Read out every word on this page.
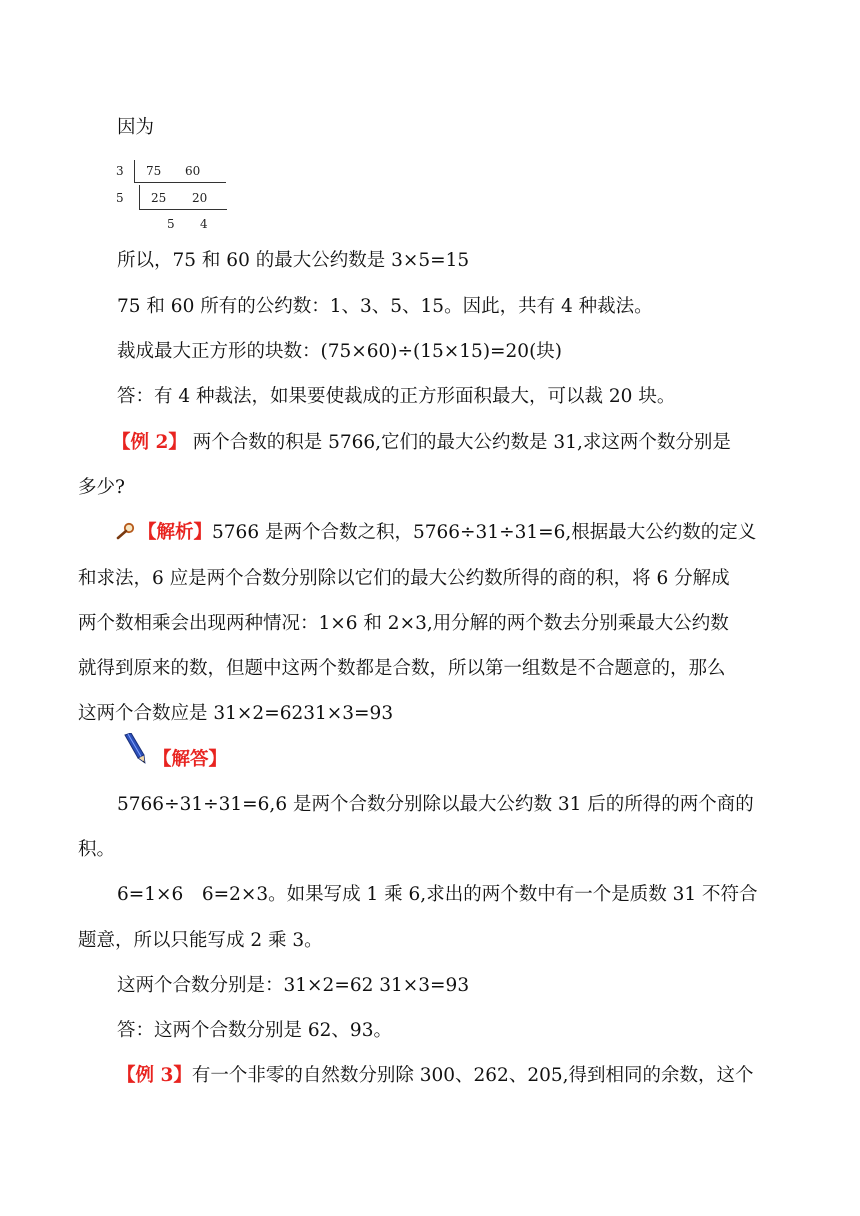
因为
3 75 60
5 25 20
5 4
所以，75 和 60 的最大公约数是 3×5=15
75 和 60 所有的公约数：1、3、5、15。因此，共有 4 种裁法。
裁成最大正方形的块数：(75×60)÷(15×15)=20(块)
答：有 4 种裁法，如果要使裁成的正方形面积最大，可以裁 20 块。
【例 2】 两个合数的积是 5766,它们的最大公约数是 31,求这两个数分别是
多少?
【解析】5766 是两个合数之积，5766÷31÷31=6,根据最大公约数的定义
和求法，6 应是两个合数分别除以它们的最大公约数所得的商的积，将 6 分解成
两个数相乘会出现两种情况：1×6 和 2×3,用分解的两个数去分别乘最大公约数
就得到原来的数，但题中这两个数都是合数，所以第一组数是不合题意的，那么
这两个合数应是 31×2=6231×3=93
【解答】
5766÷31÷31=6,6 是两个合数分别除以最大公约数 31 后的所得的两个商的
积。
6=1×6　6=2×3。如果写成 1 乘 6,求出的两个数中有一个是质数 31 不符合
题意，所以只能写成 2 乘 3。
这两个合数分别是：31×2=62 31×3=93
答：这两个合数分别是 62、93。
【例 3】有一个非零的自然数分别除 300、262、205,得到相同的余数，这个
